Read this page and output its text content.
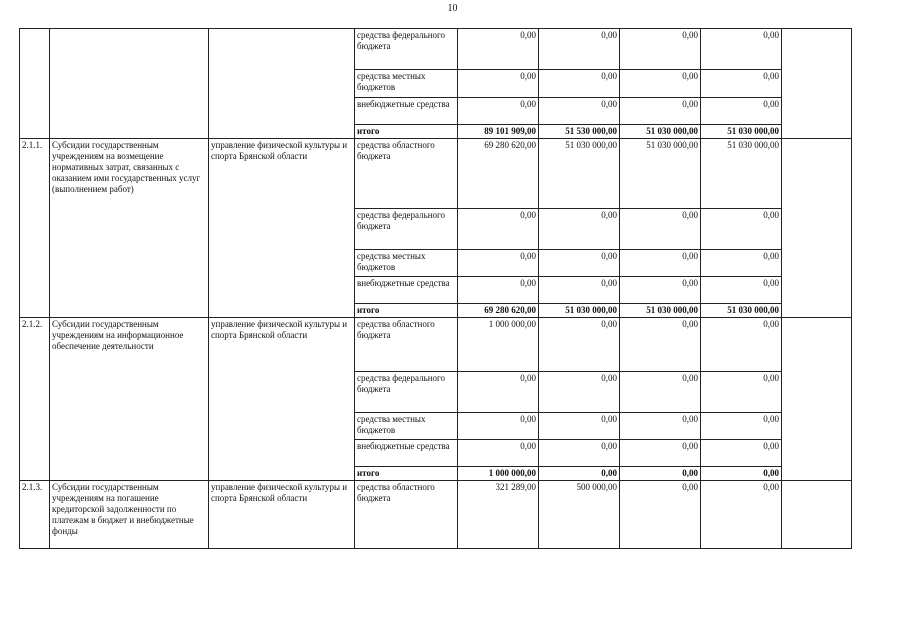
10
			средства федерального бюджета	0,00	0,00	0,00	0,00	
			средства местных бюджетов	0,00	0,00	0,00	0,00	
			внебюджетные средства	0,00	0,00	0,00	0,00	
			итого	89 101 909,00	51 530 000,00	51 030 000,00	51 030 000,00	
2.1.1.	Субсидии государственным учреждениям на возмещение нормативных затрат, связанных с оказанием ими государственных услуг (выполнением работ)	управление физической культуры и спорта Брянской области	средства областного бюджета	69 280 620,00	51 030 000,00	51 030 000,00	51 030 000,00	
			средства федерального бюджета	0,00	0,00	0,00	0,00	
			средства местных бюджетов	0,00	0,00	0,00	0,00	
			внебюджетные средства	0,00	0,00	0,00	0,00	
			итого	69 280 620,00	51 030 000,00	51 030 000,00	51 030 000,00	
2.1.2.	Субсидии государственным учреждениям на информационное обеспечение деятельности	управление физической культуры и спорта Брянской области	средства областного бюджета	1 000 000,00	0,00	0,00	0,00	
			средства федерального бюджета	0,00	0,00	0,00	0,00	
			средства местных бюджетов	0,00	0,00	0,00	0,00	
			внебюджетные средства	0,00	0,00	0,00	0,00	
			итого	1 000 000,00	0,00	0,00	0,00	
2.1.3.	Субсидии государственным учреждениям на погашение кредиторской задолженности по платежам в бюджет и внебюджетные фонды	управление физической культуры и спорта Брянской области	средства областного бюджета	321 289,00	500 000,00	0,00	0,00	
